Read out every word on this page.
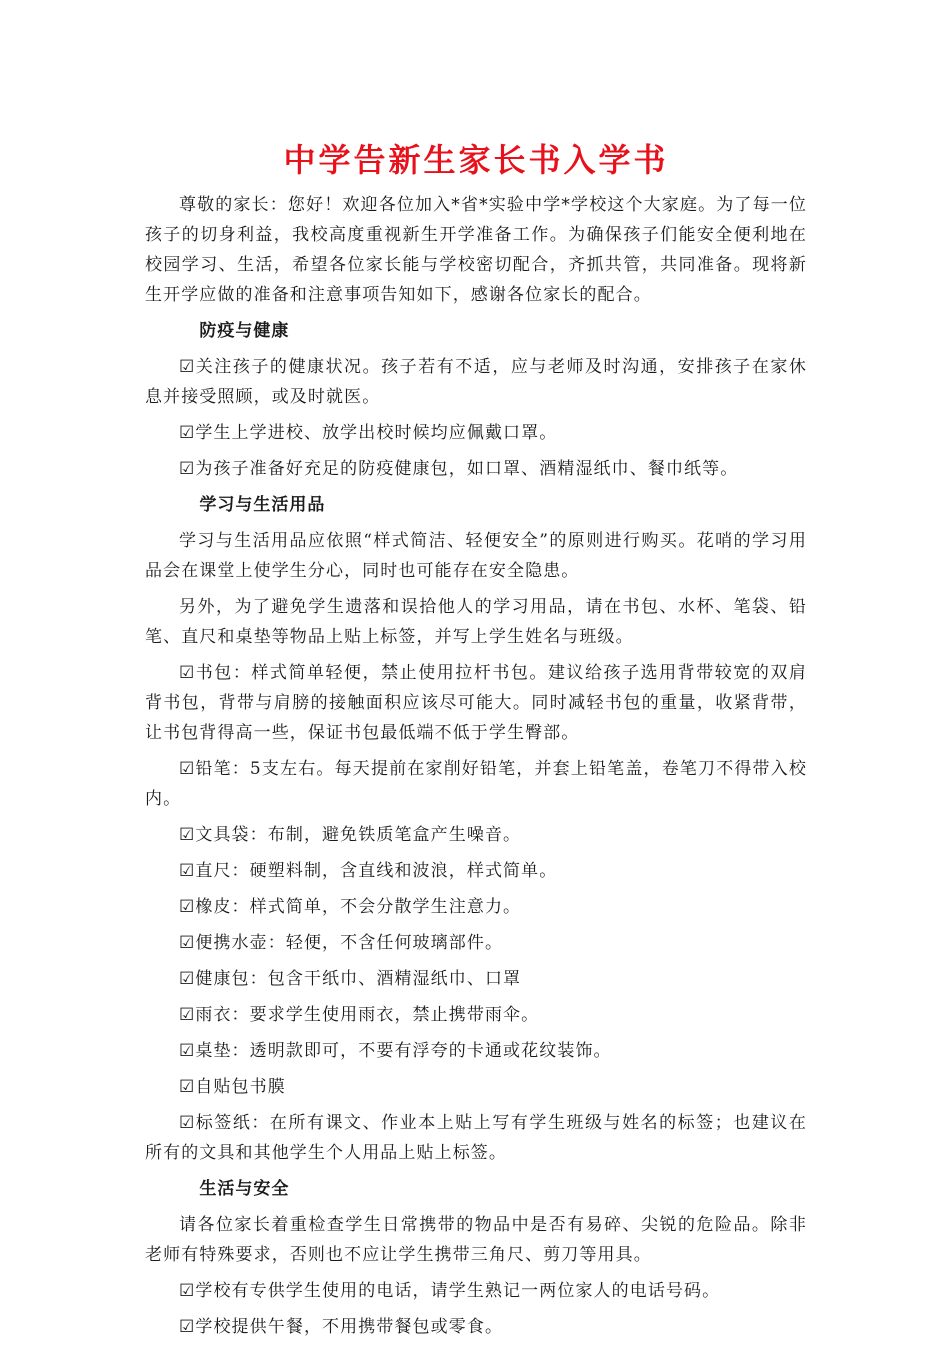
中学告新生家长书入学书
尊敬的家长：您好！欢迎各位加入*省*实验中学*学校这个大家庭。为了每一位孩子的切身利益，我校高度重视新生开学准备工作。为确保孩子们能安全便利地在校园学习、生活，希望各位家长能与学校密切配合，齐抓共管，共同准备。现将新生开学应做的准备和注意事项告知如下，感谢各位家长的配合。
防疫与健康
☑关注孩子的健康状况。孩子若有不适，应与老师及时沟通，安排孩子在家休息并接受照顾，或及时就医。
☑学生上学进校、放学出校时候均应佩戴口罩。
☑为孩子准备好充足的防疫健康包，如口罩、酒精湿纸巾、餐巾纸等。
学习与生活用品
学习与生活用品应依照“样式简洁、轻便安全”的原则进行购买。花哨的学习用品会在课堂上使学生分心，同时也可能存在安全隐患。
另外，为了避免学生遗落和误拾他人的学习用品，请在书包、水杯、笔袋、铅笔、直尺和桌垫等物品上贴上标签，并写上学生姓名与班级。
☑书包：样式简单轻便，禁止使用拉杆书包。建议给孩子选用背带较宽的双肩背书包，背带与肩膀的接触面积应该尽可能大。同时减轻书包的重量，收紧背带，让书包背得高一些，保证书包最低端不低于学生臀部。
☑铅笔：5支左右。每天提前在家削好铅笔，并套上铅笔盖，卷笔刀不得带入校内。
☑文具袋：布制，避免铁质笔盒产生噪音。
☑直尺：硬塑料制，含直线和波浪，样式简单。
☑橡皮：样式简单，不会分散学生注意力。
☑便携水壶：轻便，不含任何玻璃部件。
☑健康包：包含干纸巾、酒精湿纸巾、口罩
☑雨衣：要求学生使用雨衣，禁止携带雨伞。
☑桌垫：透明款即可，不要有浮夸的卡通或花纹装饰。
☑自贴包书膜
☑标签纸：在所有课文、作业本上贴上写有学生班级与姓名的标签；也建议在所有的文具和其他学生个人用品上贴上标签。
生活与安全
请各位家长着重检查学生日常携带的物品中是否有易碎、尖锐的危险品。除非老师有特殊要求，否则也不应让学生携带三角尺、剪刀等用具。
☑学校有专供学生使用的电话，请学生熟记一两位家人的电话号码。
☑学校提供午餐，不用携带餐包或零食。
